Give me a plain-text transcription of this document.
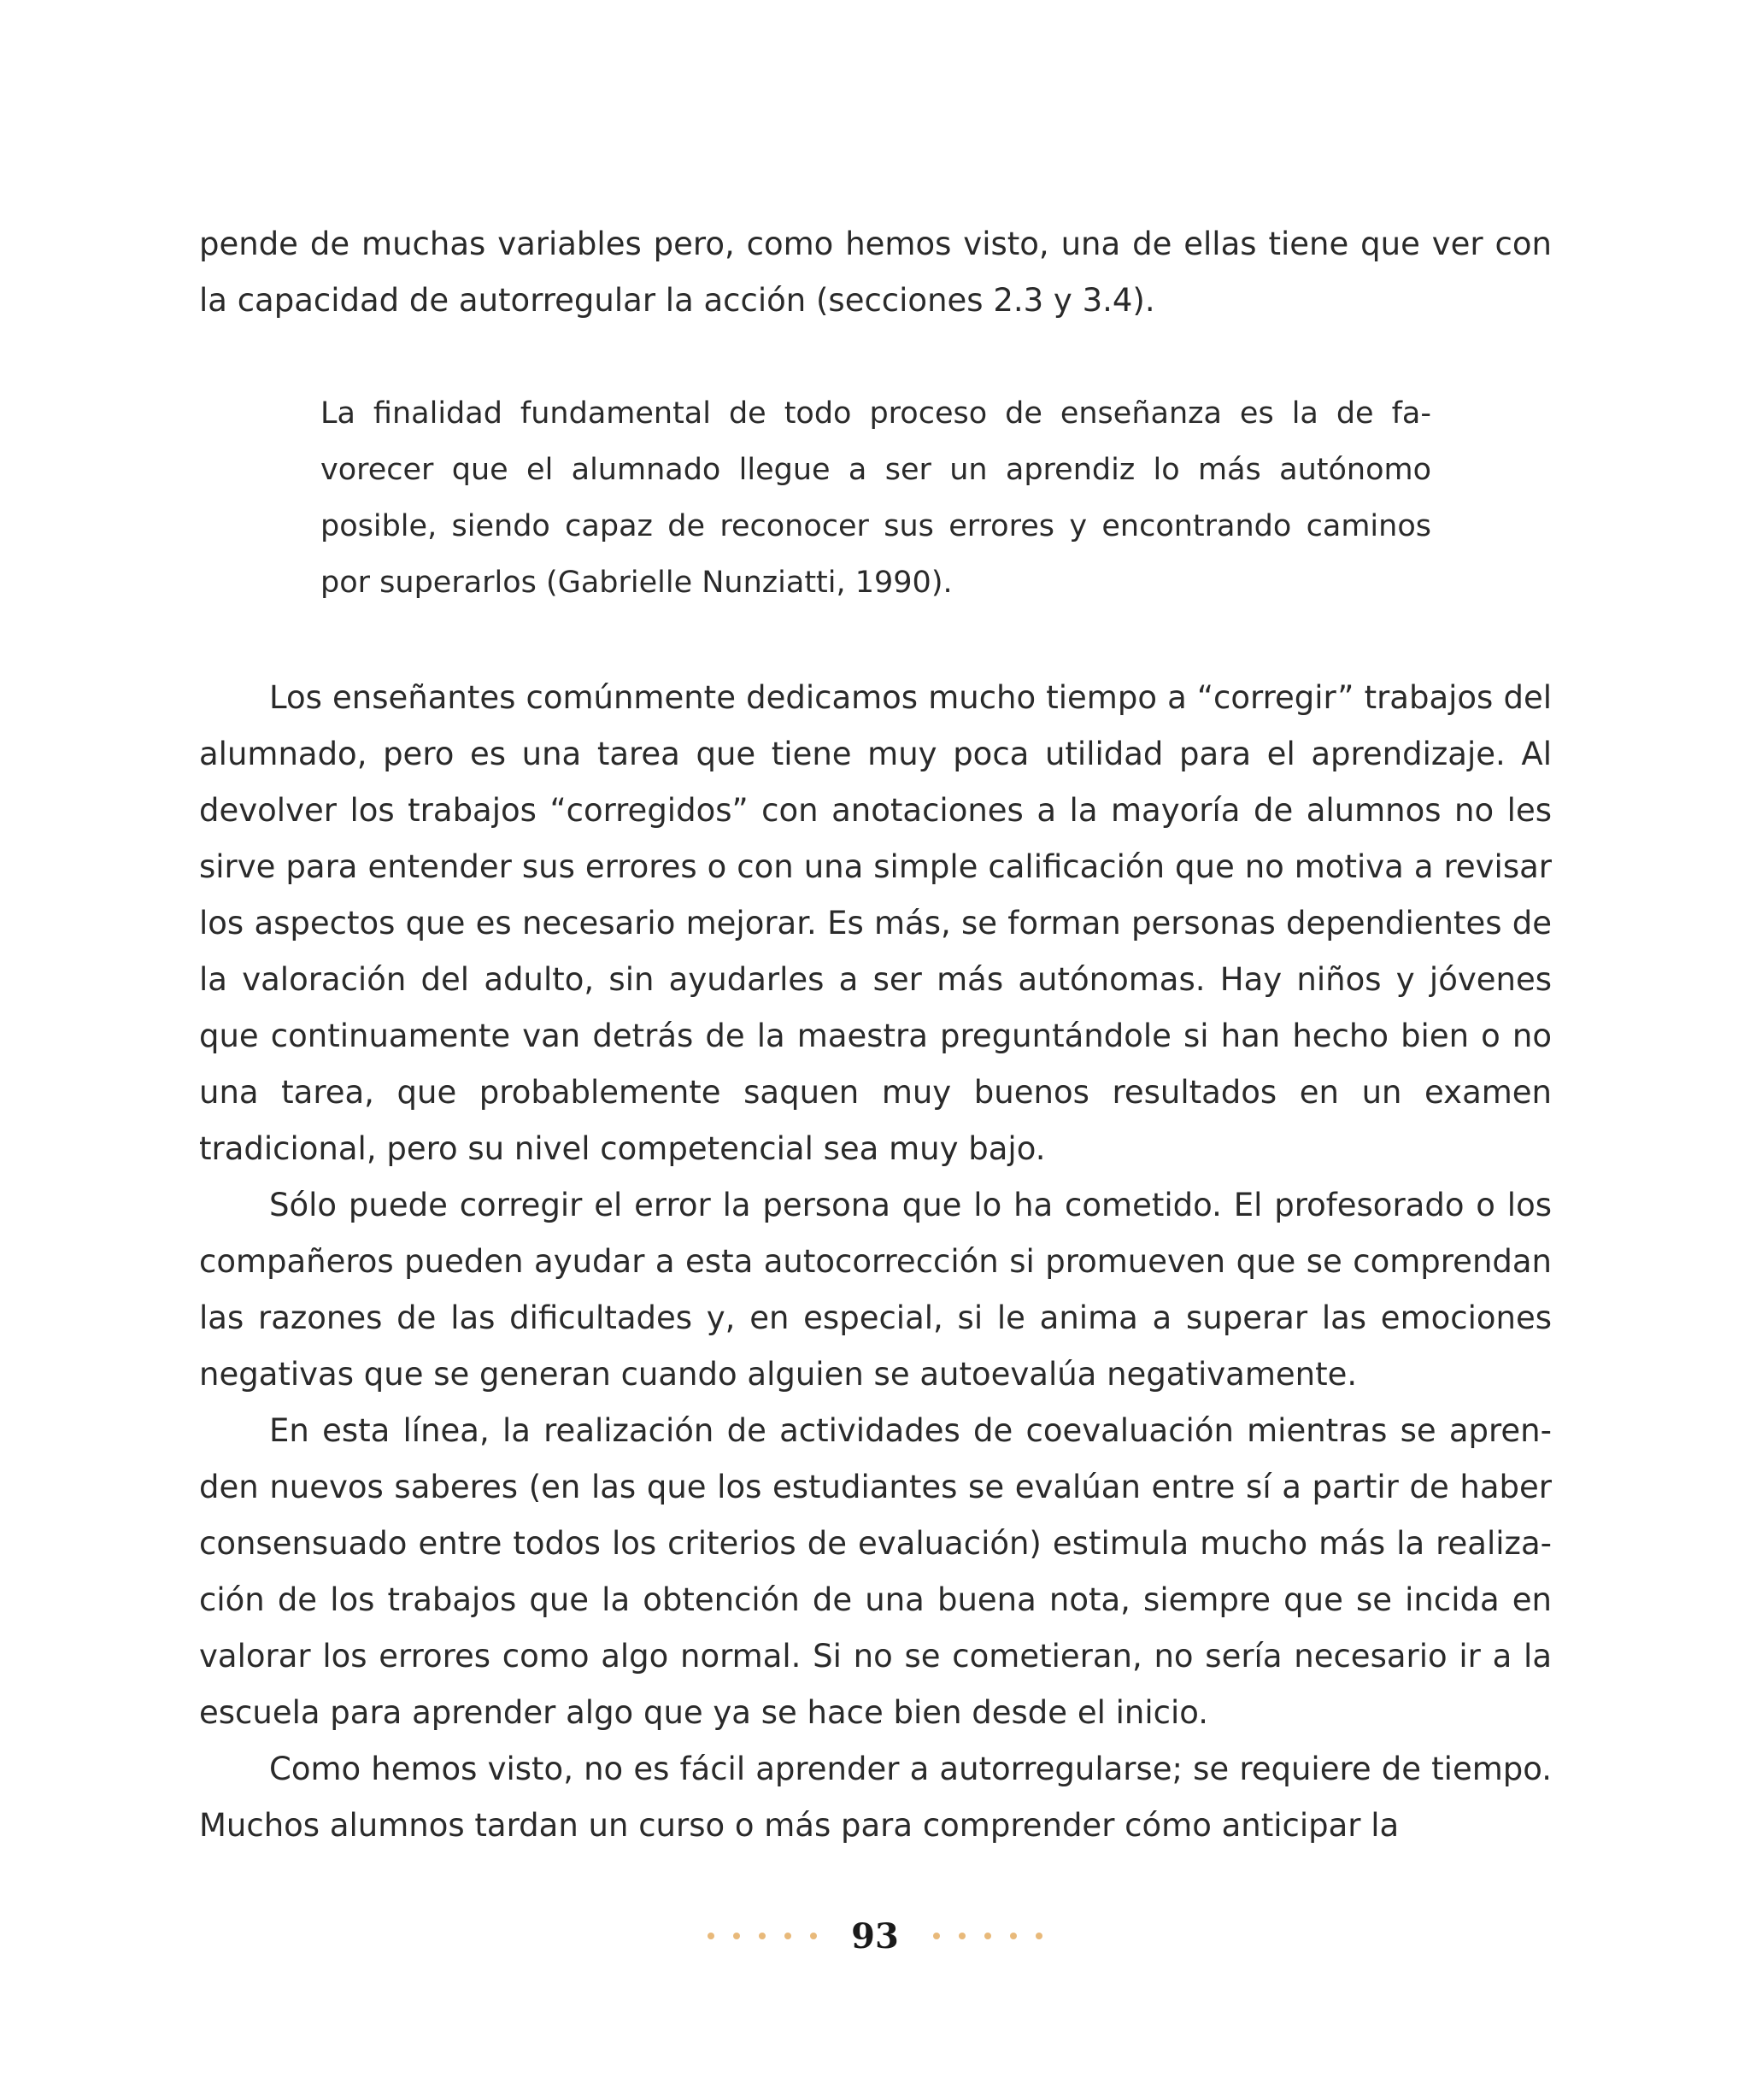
pende de muchas variables pero, como hemos visto, una de ellas tiene que ver con la capacidad de autorregular la acción (secciones 2.3 y 3.4).

La finalidad fundamental de todo proceso de enseñanza es la de favorecer que el alumnado llegue a ser un aprendiz lo más autónomo posible, siendo capaz de reconocer sus errores y encontrando caminos por superarlos (Gabrielle Nunziatti, 1990).

Los enseñantes comúnmente dedicamos mucho tiempo a “corregir” trabajos del alumnado, pero es una tarea que tiene muy poca utilidad para el aprendizaje. Al devolver los trabajos “corregidos” con anotaciones a la mayoría de alumnos no les sirve para entender sus errores o con una simple calificación que no motiva a revisar los aspectos que es necesario mejorar. Es más, se forman personas dependientes de la valoración del adulto, sin ayudarles a ser más autónomas. Hay niños y jóvenes que continuamente van detrás de la maestra preguntándole si han hecho bien o no una tarea, que probablemente saquen muy buenos resultados en un examen tradicional, pero su nivel competencial sea muy bajo.

Sólo puede corregir el error la persona que lo ha cometido. El profesorado o los compañeros pueden ayudar a esta autocorrección si promueven que se comprendan las razones de las dificultades y, en especial, si le anima a superar las emociones negativas que se generan cuando alguien se autoevalúa negativamente.

En esta línea, la realización de actividades de coevaluación mientras se aprenden nuevos saberes (en las que los estudiantes se evalúan entre sí a partir de haber consensuado entre todos los criterios de evaluación) estimula mucho más la realización de los trabajos que la obtención de una buena nota, siempre que se incida en valorar los errores como algo normal. Si no se cometieran, no sería necesario ir a la escuela para aprender algo que ya se hace bien desde el inicio.

Como hemos visto, no es fácil aprender a autorregularse; se requiere de tiempo. Muchos alumnos tardan un curso o más para comprender cómo anticipar la

93
